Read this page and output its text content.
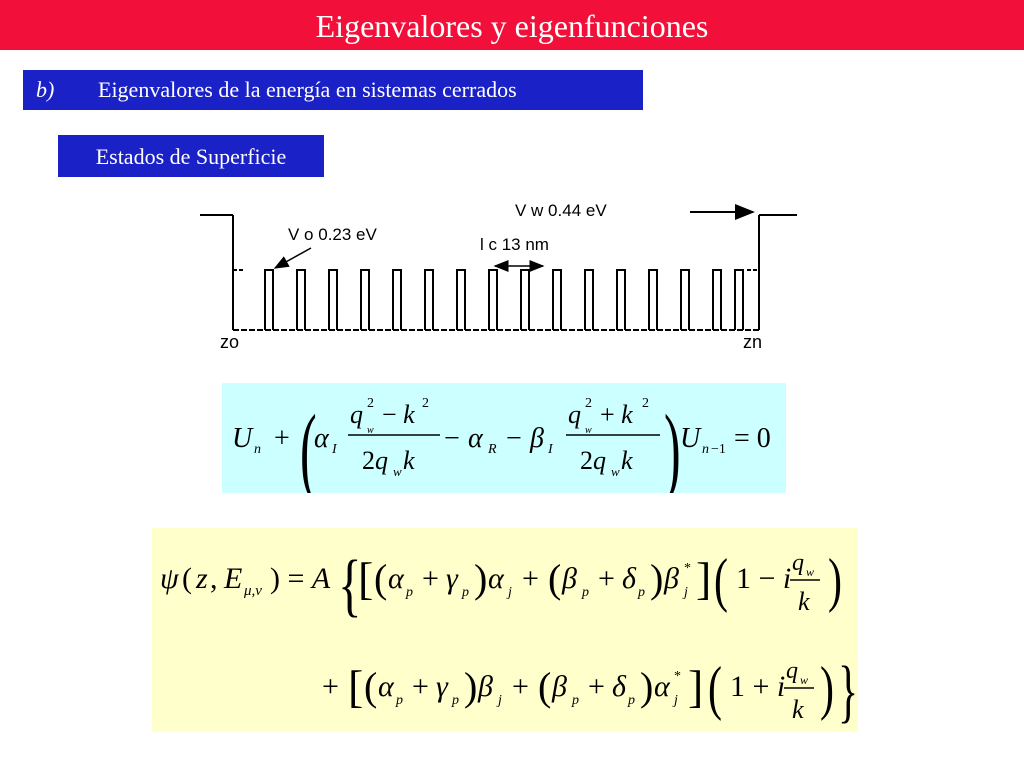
Eigenvalores y eigenfunciones
b) Eigenvalores de la energía en sistemas cerrados
Estados de Superficie
V w 0.44 eV
V o 0.23 eV
l c 13 nm
zo	zn
U n + (
α I
q 2
w
− k 2
2q w k
− α R − β I
q 2
w
+ k 2
2q w k ) U n −1 = 0
ψ ( z , E μ,ν ) = A {
[ ( α p + γ p ) α j + ( β p + δ p ) β *
j ] ( 1 − i q w
k )
+ [ ( α p + γ p ) β j + ( β p + δ p ) α *
j ] ( 1 + i q w
k ) }
